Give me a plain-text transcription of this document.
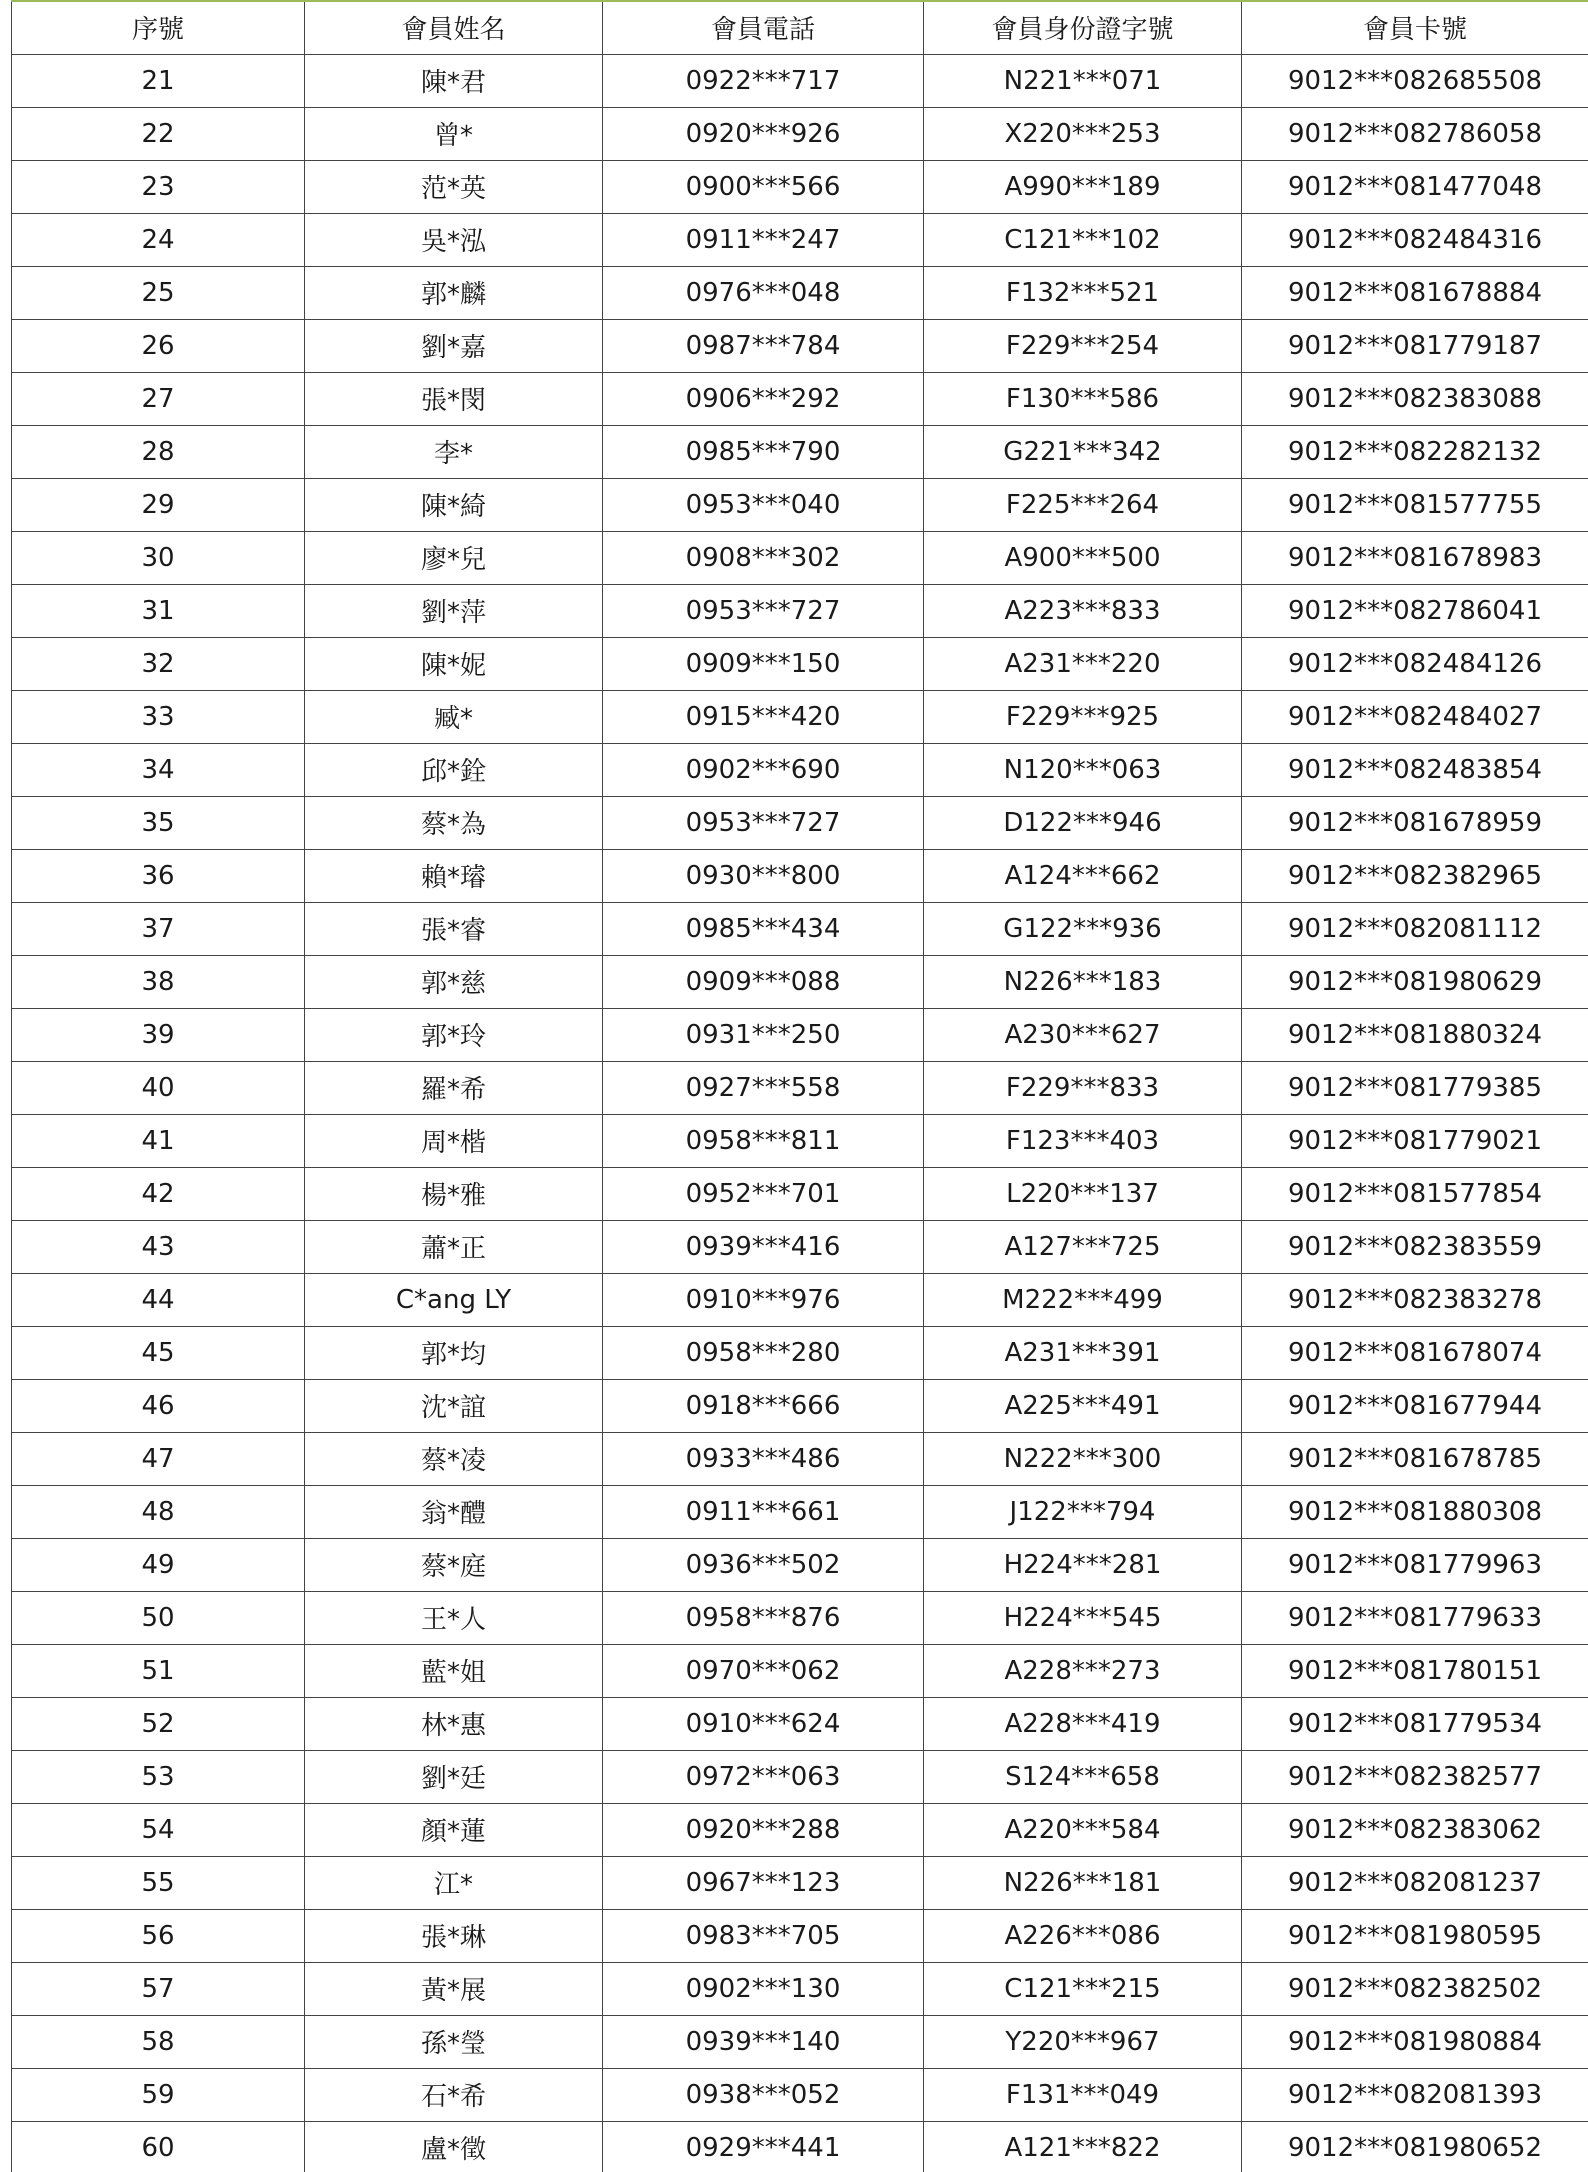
序號	會員姓名	會員電話	會員身份證字號	會員卡號
21	陳*君	0922***717	N221***071	9012***082685508
22	曾*	0920***926	X220***253	9012***082786058
23	范*英	0900***566	A990***189	9012***081477048
24	吳*泓	0911***247	C121***102	9012***082484316
25	郭*麟	0976***048	F132***521	9012***081678884
26	劉*嘉	0987***784	F229***254	9012***081779187
27	張*閔	0906***292	F130***586	9012***082383088
28	李*	0985***790	G221***342	9012***082282132
29	陳*綺	0953***040	F225***264	9012***081577755
30	廖*兒	0908***302	A900***500	9012***081678983
31	劉*萍	0953***727	A223***833	9012***082786041
32	陳*妮	0909***150	A231***220	9012***082484126
33	臧*	0915***420	F229***925	9012***082484027
34	邱*銓	0902***690	N120***063	9012***082483854
35	蔡*為	0953***727	D122***946	9012***081678959
36	賴*璿	0930***800	A124***662	9012***082382965
37	張*睿	0985***434	G122***936	9012***082081112
38	郭*慈	0909***088	N226***183	9012***081980629
39	郭*玲	0931***250	A230***627	9012***081880324
40	羅*希	0927***558	F229***833	9012***081779385
41	周*楷	0958***811	F123***403	9012***081779021
42	楊*雅	0952***701	L220***137	9012***081577854
43	蕭*正	0939***416	A127***725	9012***082383559
44	C*ang LY	0910***976	M222***499	9012***082383278
45	郭*均	0958***280	A231***391	9012***081678074
46	沈*誼	0918***666	A225***491	9012***081677944
47	蔡*凌	0933***486	N222***300	9012***081678785
48	翁*醴	0911***661	J122***794	9012***081880308
49	蔡*庭	0936***502	H224***281	9012***081779963
50	王*人	0958***876	H224***545	9012***081779633
51	藍*姐	0970***062	A228***273	9012***081780151
52	林*惠	0910***624	A228***419	9012***081779534
53	劉*廷	0972***063	S124***658	9012***082382577
54	顏*蓮	0920***288	A220***584	9012***082383062
55	江*	0967***123	N226***181	9012***082081237
56	張*琳	0983***705	A226***086	9012***081980595
57	黃*展	0902***130	C121***215	9012***082382502
58	孫*瑩	0939***140	Y220***967	9012***081980884
59	石*希	0938***052	F131***049	9012***082081393
60	盧*徵	0929***441	A121***822	9012***081980652
